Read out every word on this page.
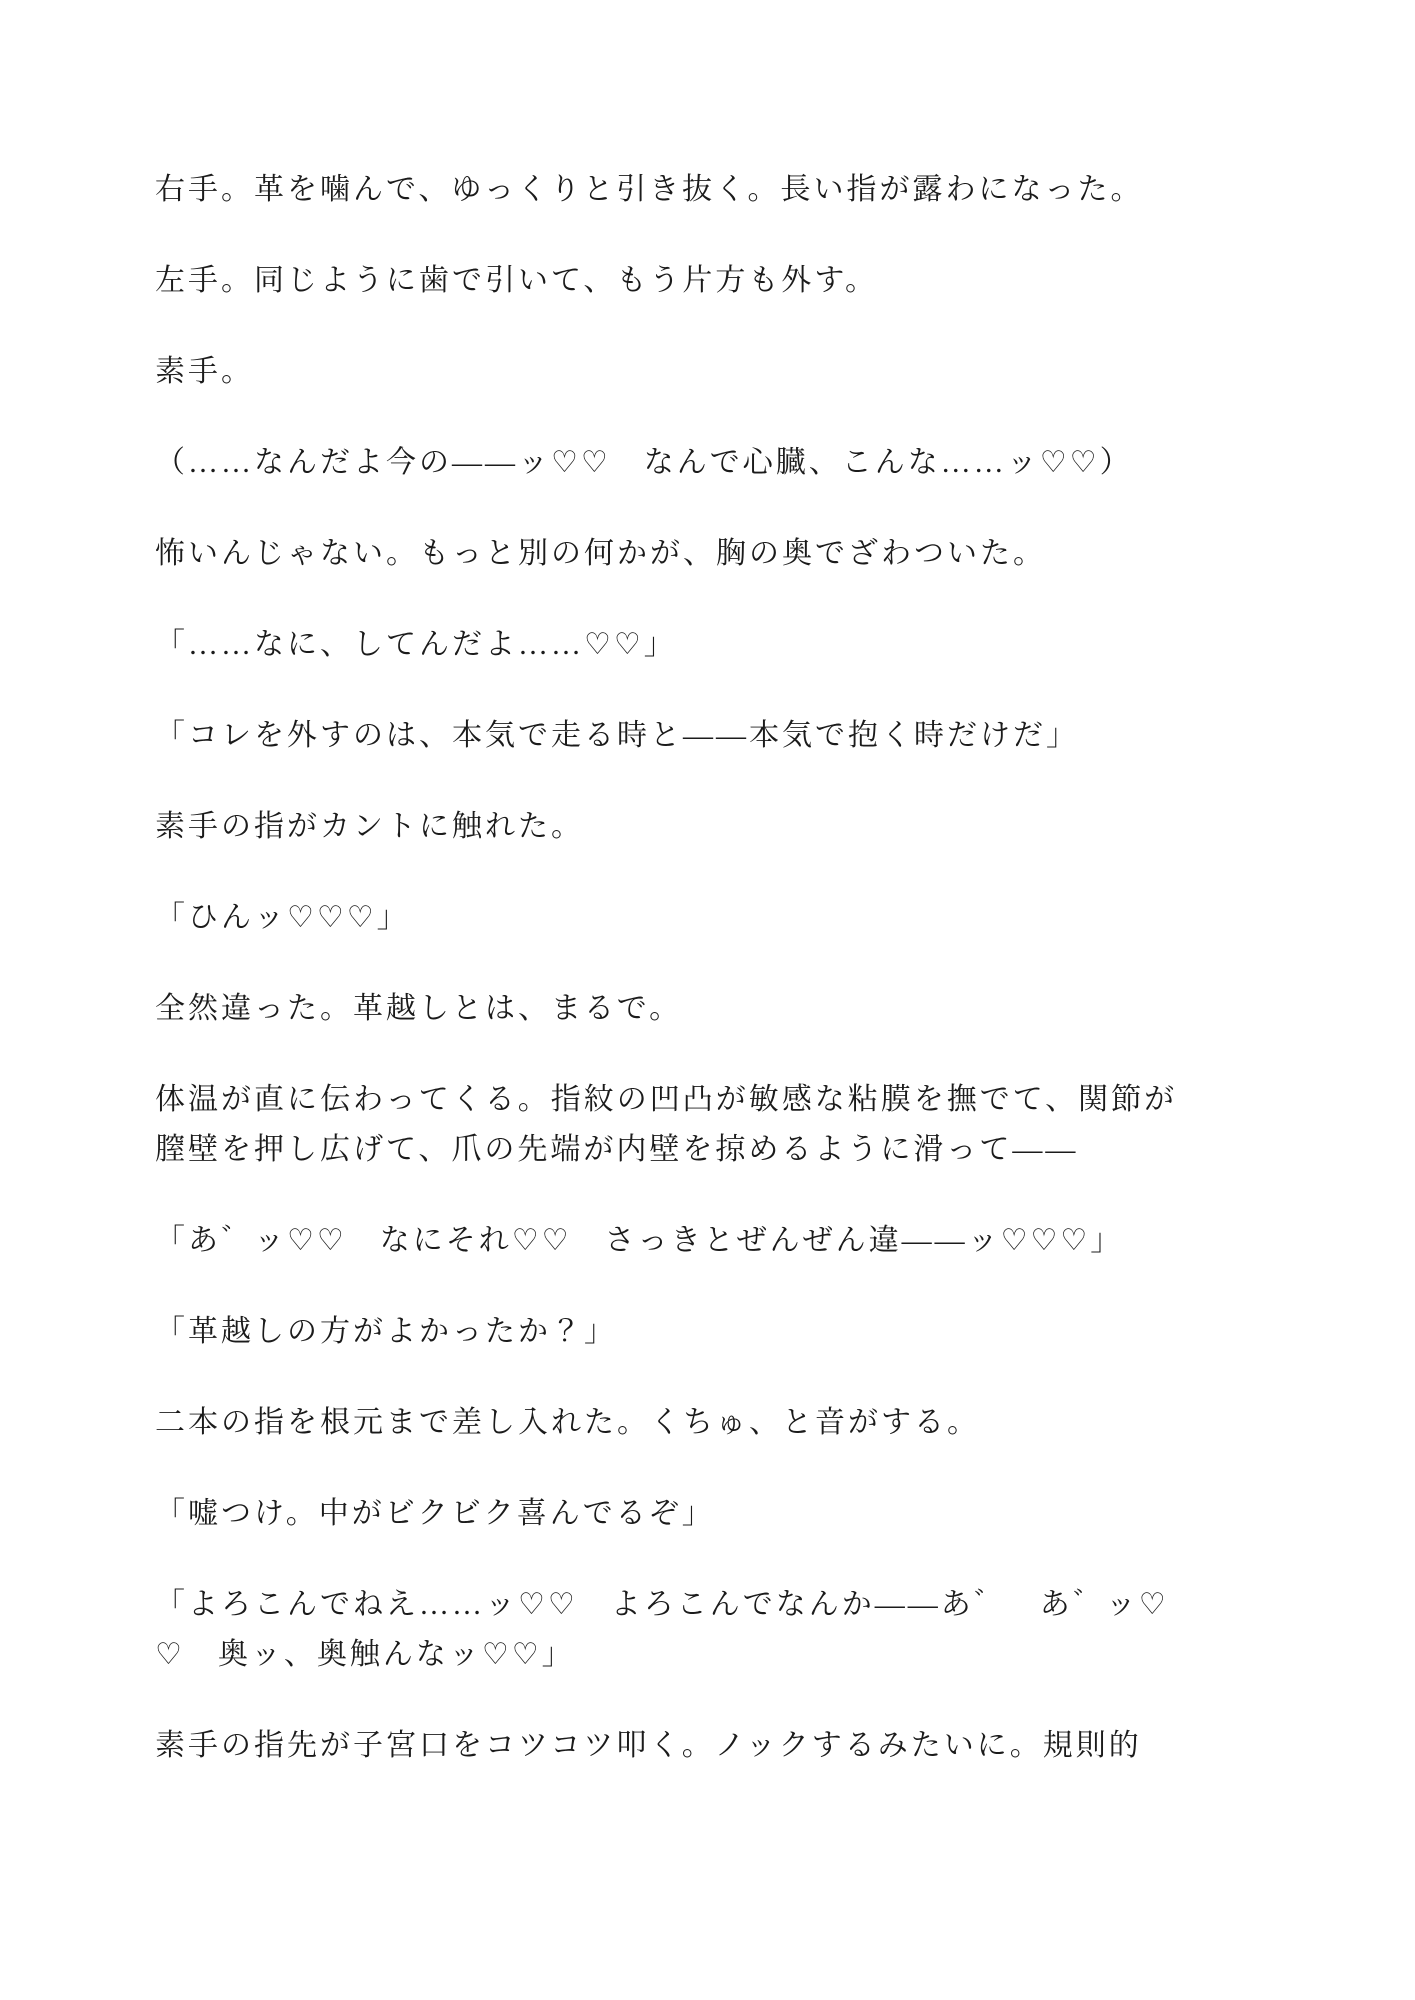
右手。革を噛んで、ゆっくりと引き抜く。長い指が露わになった。

左手。同じように歯で引いて、もう片方も外す。

素手。

（……なんだよ今の——ッ♡♡　なんで心臓、こんな……ッ♡♡）

怖いんじゃない。もっと別の何かが、胸の奥でざわついた。

「……なに、してんだよ……♡♡」

「コレを外すのは、本気で走る時と——本気で抱く時だけだ」

素手の指がカントに触れた。

「ひんッ♡♡♡」

全然違った。革越しとは、まるで。

体温が直に伝わってくる。指紋の凹凸が敏感な粘膜を撫でて、関節が膣壁を押し広げて、爪の先端が内壁を掠めるように滑って——

「あ゛ッ♡♡　なにそれ♡♡　さっきとぜんぜん違——ッ♡♡♡」

「革越しの方がよかったか？」

二本の指を根元まで差し入れた。くちゅ、と音がする。

「嘘つけ。中がビクビク喜んでるぞ」

「よろこんでねえ……ッ♡♡　よろこんでなんか——あ゛　あ゛ッ♡♡　奥ッ、奥触んなッ♡♡」

素手の指先が子宮口をコツコツ叩く。ノックするみたいに。規則的
